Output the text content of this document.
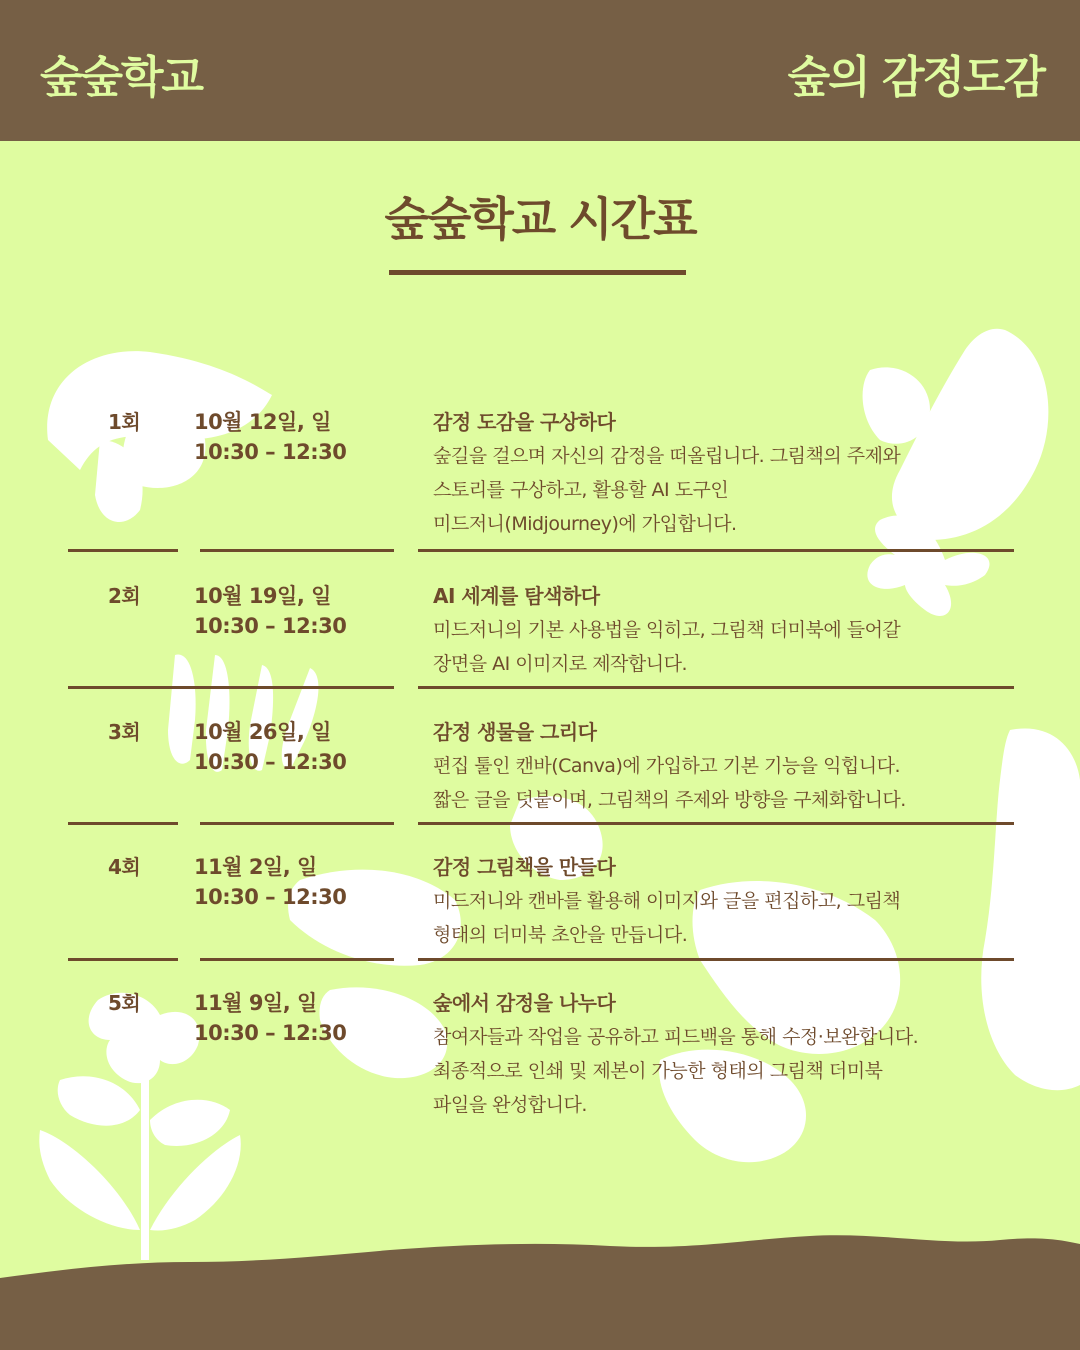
숲숲학교	숲의 감정도감
숲숲학교 시간표
1회	10월 12일, 일
10:30 – 12:30
감정 도감을 구상하다
숲길을 걸으며 자신의 감정을 떠올립니다. 그림책의 주제와
스토리를 구상하고, 활용할 AI 도구인
미드저니(Midjourney)에 가입합니다.
2회	10월 19일, 일
10:30 – 12:30
AI 세계를 탐색하다
미드저니의 기본 사용법을 익히고, 그림책 더미북에 들어갈
장면을 AI 이미지로 제작합니다.
3회	10월 26일, 일
10:30 – 12:30
감정 생물을 그리다
편집 툴인 캔바(Canva)에 가입하고 기본 기능을 익힙니다.
짧은 글을 덧붙이며, 그림책의 주제와 방향을 구체화합니다.
4회	11월 2일, 일
10:30 – 12:30
감정 그림책을 만들다
미드저니와 캔바를 활용해 이미지와 글을 편집하고, 그림책
형태의 더미북 초안을 만듭니다.
5회	11월 9일, 일
10:30 – 12:30
숲에서 감정을 나누다
참여자들과 작업을 공유하고 피드백을 통해 수정·보완합니다.
최종적으로 인쇄 및 제본이 가능한 형태의 그림책 더미북
파일을 완성합니다.
